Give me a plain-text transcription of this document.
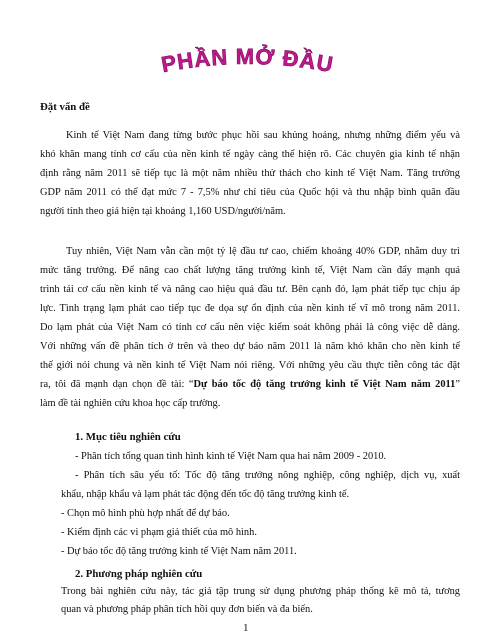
PHẦN MỞ ĐẦU
Đặt vấn đề
Kinh tế Việt Nam đang từng bước phục hồi sau khủng hoảng, nhưng những điểm yếu và
khó khăn mang tính cơ cấu của nền kinh tế ngày càng thể hiện rõ. Các chuyên gia kinh tế nhận
định rằng năm 2011 sẽ tiếp tục là một năm nhiều thử thách cho kinh tế Việt Nam. Tăng trưởng
GDP năm 2011 có thể đạt mức 7 - 7,5% như chỉ tiêu của Quốc hội và thu nhập bình quân đầu
người tính theo giá hiện tại khoảng 1,160 USD/người/năm.
Tuy nhiên, Việt Nam vẫn cần một tỷ lệ đầu tư cao, chiếm khoảng 40% GDP, nhằm duy trì
mức tăng trưởng. Để nâng cao chất lượng tăng trưởng kinh tế, Việt Nam cần đẩy mạnh quá
trình tái cơ cấu nền kinh tế và nâng cao hiệu quả đầu tư. Bên cạnh đó, lạm phát tiếp tục chịu áp
lực. Tình trạng lạm phát cao tiếp tục đe dọa sự ổn định của nền kinh tế vĩ mô trong năm 2011.
Do lạm phát của Việt Nam có tính cơ cấu nên việc kiểm soát không phải là công việc dễ dàng.
Với những vấn đề phân tích ở trên và theo dự báo năm 2011 là năm khó khăn cho nền kinh tế
thế giới nói chung và nền kinh tế Việt Nam nói riêng. Với những yêu cầu thực tiễn công tác đặt
ra, tôi đã mạnh dạn chọn đề tài: “Dự báo tốc độ tăng trưởng kinh tế Việt Nam năm 2011”
làm đề tài nghiên cứu khoa học cấp trường.
1. Mục tiêu nghiên cứu
- Phân tích tổng quan tình hình kinh tế Việt Nam qua hai năm 2009 - 2010.
- Phân tích sâu yếu tố: Tốc độ tăng trưởng nông nghiệp, công nghiệp, dịch vụ, xuất
khẩu, nhập khẩu và lạm phát tác động đến tốc độ tăng trưởng kinh tế.
- Chọn mô hình phù hợp nhất để dự báo.
- Kiểm định các vi phạm giả thiết của mô hình.
- Dự báo tốc độ tăng trưởng kinh tế Việt Nam năm 2011.
2. Phương pháp nghiên cứu
Trong bài nghiên cứu này, tác giả tập trung sử dụng phương pháp thống kê mô tả, tương
quan và phương pháp phân tích hồi quy đơn biến và đa biến.
1
